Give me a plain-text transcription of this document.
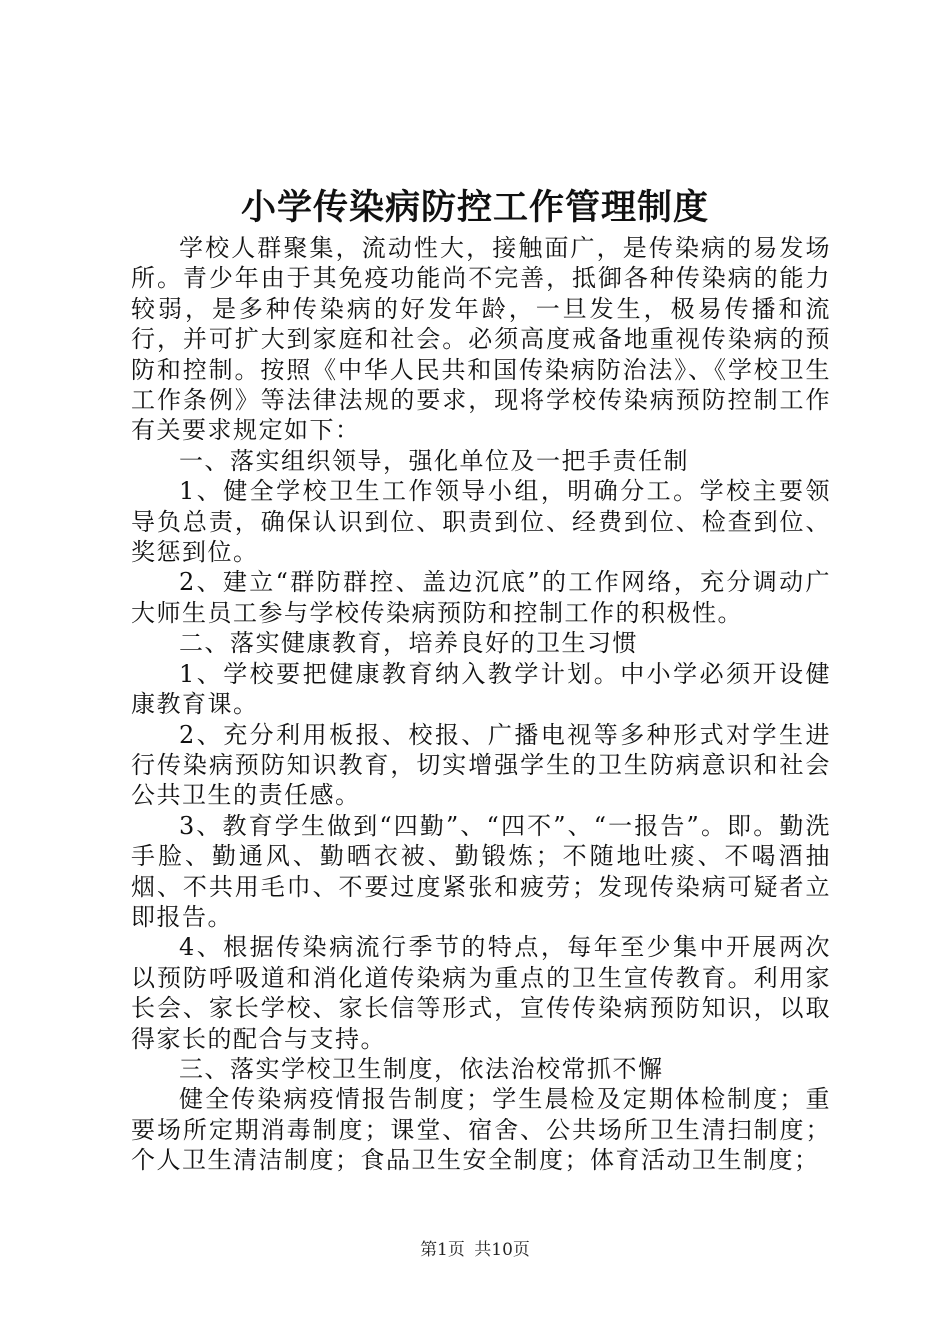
小学传染病防控工作管理制度

学校人群聚集，流动性大，接触面广，是传染病的易发场所。青少年由于其免疫功能尚不完善，抵御各种传染病的能力较弱，是多种传染病的好发年龄，一旦发生，极易传播和流行，并可扩大到家庭和社会。必须高度戒备地重视传染病的预防和控制。按照《中华人民共和国传染病防治法》、《学校卫生工作条例》等法律法规的要求，现将学校传染病预防控制工作有关要求规定如下：

一、落实组织领导，强化单位及一把手责任制

1、健全学校卫生工作领导小组，明确分工。学校主要领导负总责，确保认识到位、职责到位、经费到位、检查到位、奖惩到位。

2、建立“群防群控、盖边沉底”的工作网络，充分调动广大师生员工参与学校传染病预防和控制工作的积极性。

二、落实健康教育，培养良好的卫生习惯

1、学校要把健康教育纳入教学计划。中小学必须开设健康教育课。

2、充分利用板报、校报、广播电视等多种形式对学生进行传染病预防知识教育，切实增强学生的卫生防病意识和社会公共卫生的责任感。

3、教育学生做到“四勤”、“四不”、“一报告”。即。勤洗手脸、勤通风、勤晒衣被、勤锻炼；不随地吐痰、不喝酒抽烟、不共用毛巾、不要过度紧张和疲劳；发现传染病可疑者立即报告。

4、根据传染病流行季节的特点，每年至少集中开展两次以预防呼吸道和消化道传染病为重点的卫生宣传教育。利用家长会、家长学校、家长信等形式，宣传传染病预防知识，以取得家长的配合与支持。

三、落实学校卫生制度，依法治校常抓不懈

健全传染病疫情报告制度；学生晨检及定期体检制度；重要场所定期消毒制度；课堂、宿舍、公共场所卫生清扫制度；个人卫生清洁制度；食品卫生安全制度；体育活动卫生制度；

第1页 共10页
